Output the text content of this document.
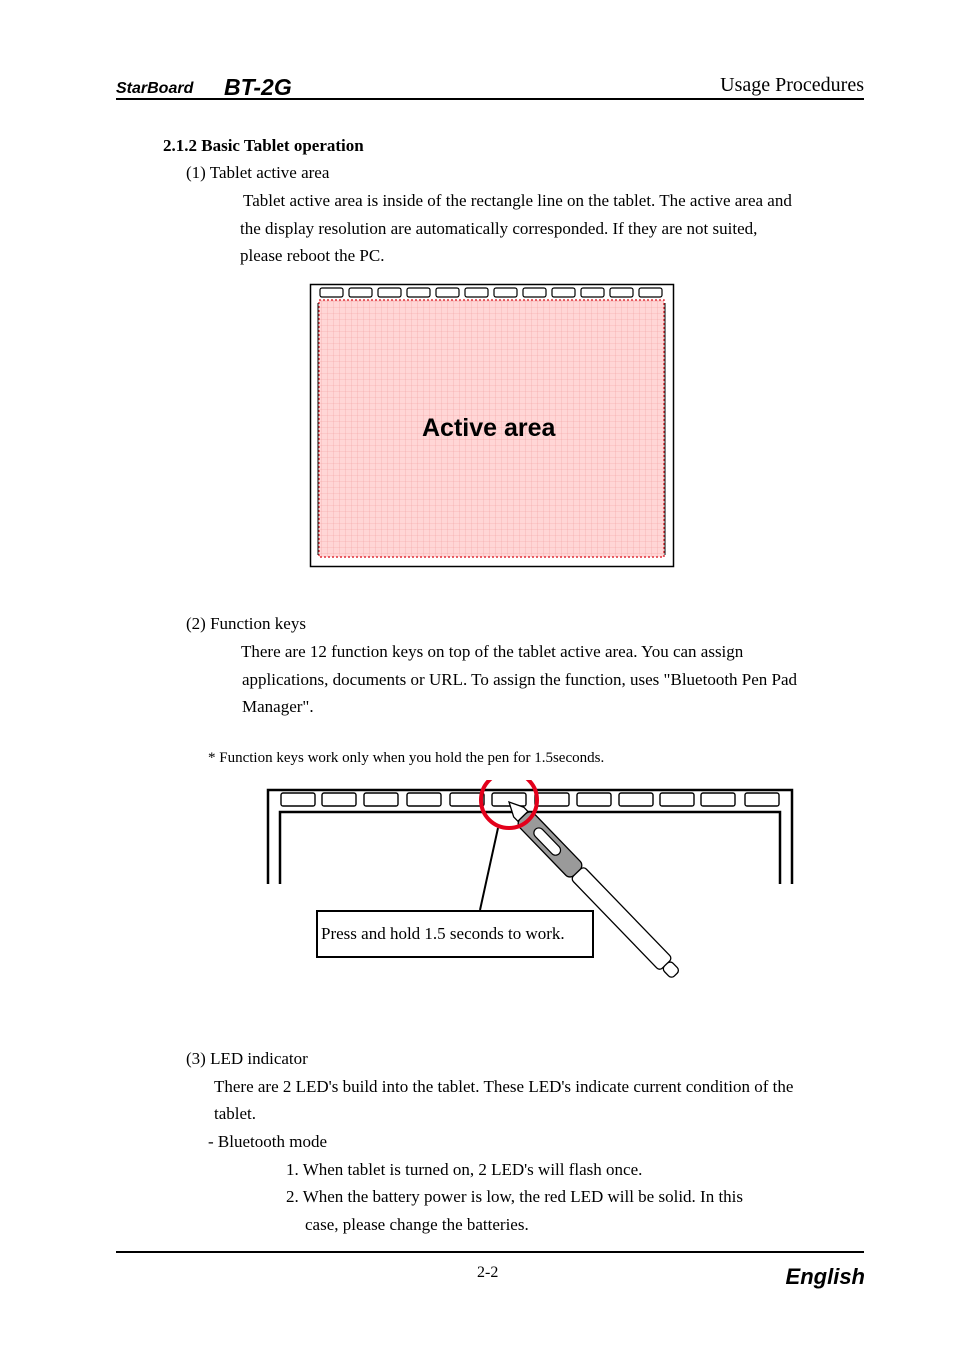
StarBoard BT-2G	Usage Procedures
2.1.2 Basic Tablet operation
(1) Tablet active area
Tablet active area is inside of the rectangle line on the tablet. The active area and
the display resolution are automatically corresponded. If they are not suited,
please reboot the PC.
Active area
(2) Function keys
There are 12 function keys on top of the tablet active area. You can assign
applications, documents or URL. To assign the function, uses "Bluetooth Pen Pad
Manager".
* Function keys work only when you hold the pen for 1.5seconds.
Press and hold 1.5 seconds to work.
(3) LED indicator
There are 2 LED's build into the tablet. These LED's indicate current condition of the
tablet.
- Bluetooth mode
1. When tablet is turned on, 2 LED's will flash once.
2. When the battery power is low, the red LED will be solid. In this
case, please change the batteries.
2-2	English
